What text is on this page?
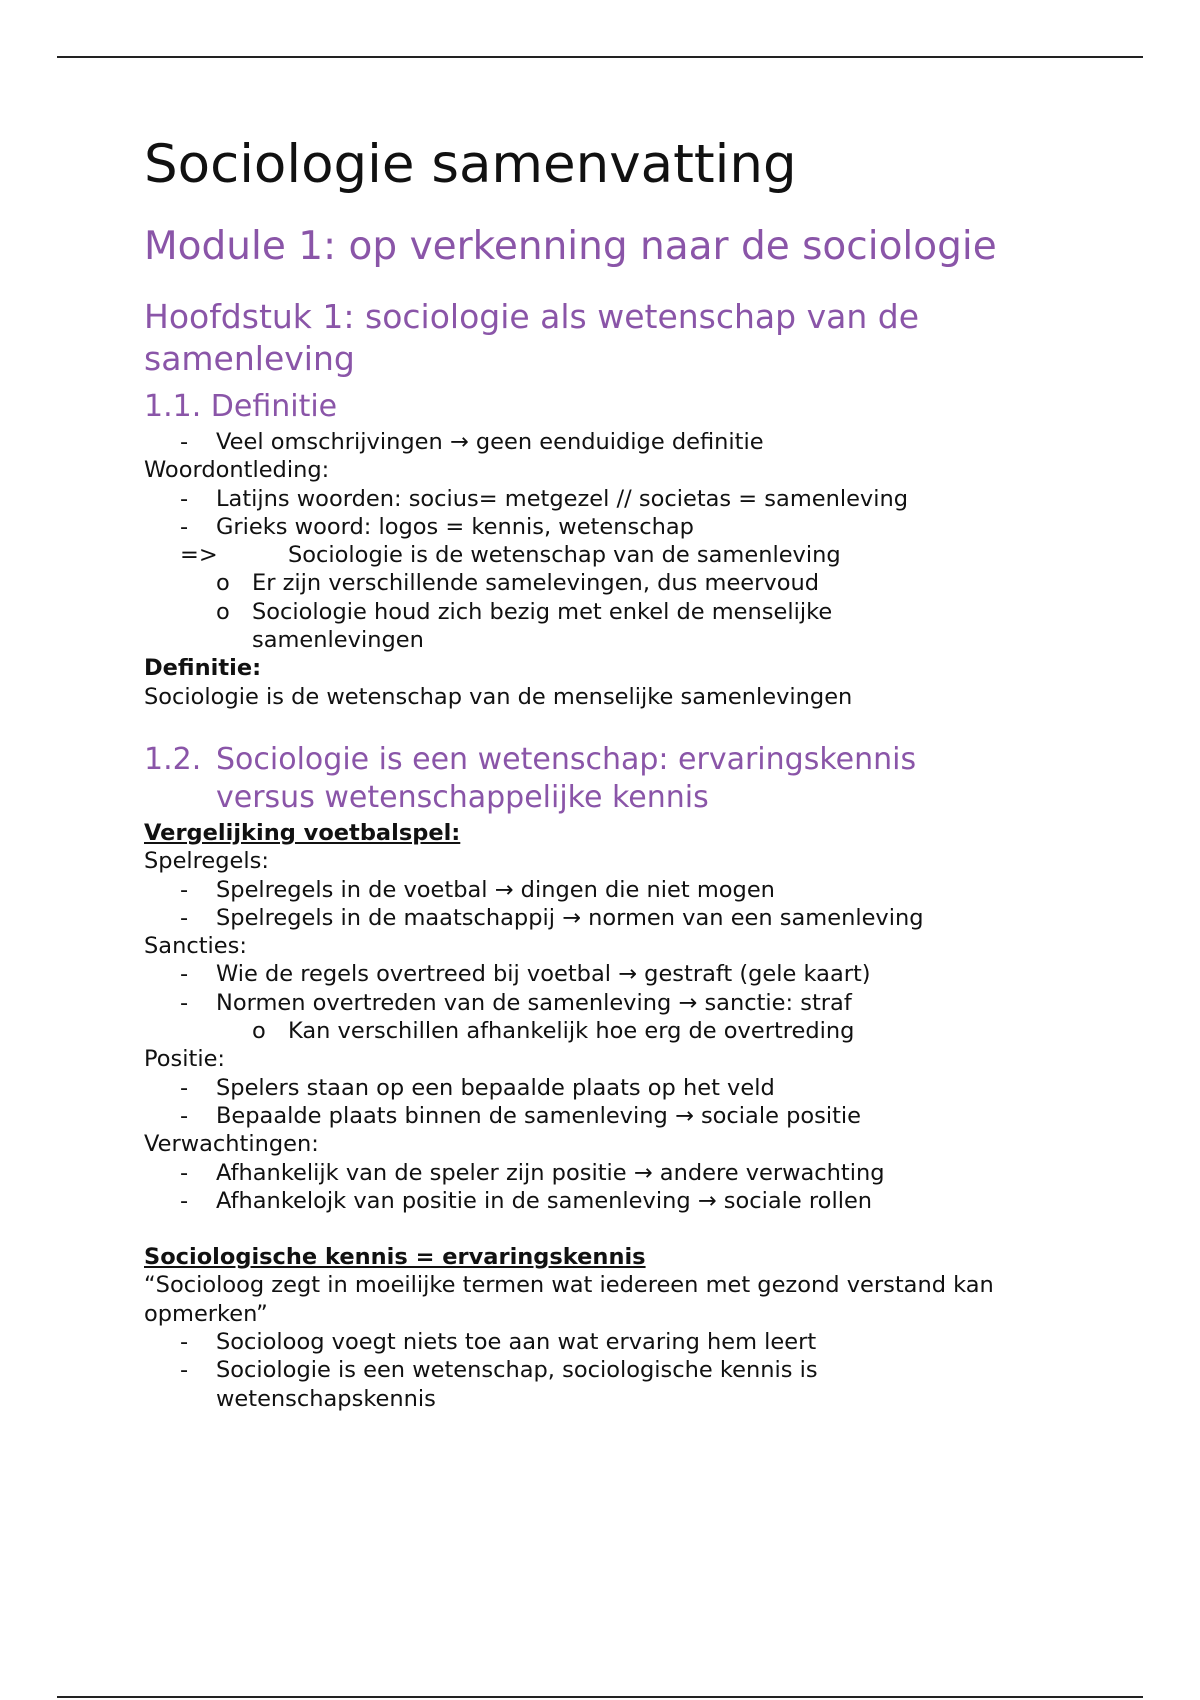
Sociologie samenvatting
Module 1: op verkenning naar de sociologie
Hoofdstuk 1: sociologie als wetenschap van de samenleving
1.1. Definitie
-	Veel omschrijvingen → geen eenduidige definitie
Woordontleding:
-	Latijns woorden: socius= metgezel // societas = samenleving
-	Grieks woord: logos = kennis, wetenschap
=>	Sociologie is de wetenschap van de samenleving
o Er zijn verschillende samelevingen, dus meervoud
o Sociologie houd zich bezig met enkel de menselijke samenlevingen
Definitie:
Sociologie is de wetenschap van de menselijke samenlevingen
1.2. Sociologie is een wetenschap: ervaringskennis versus wetenschappelijke kennis
Vergelijking voetbalspel:
Spelregels:
-	Spelregels in de voetbal → dingen die niet mogen
-	Spelregels in de maatschappij → normen van een samenleving
Sancties:
-	Wie de regels overtreed bij voetbal → gestraft (gele kaart)
-	Normen overtreden van de samenleving → sanctie: straf
o Kan verschillen afhankelijk hoe erg de overtreding
Positie:
-	Spelers staan op een bepaalde plaats op het veld
-	Bepaalde plaats binnen de samenleving → sociale positie
Verwachtingen:
-	Afhankelijk van de speler zijn positie → andere verwachting
-	Afhankelojk van positie in de samenleving → sociale rollen
Sociologische kennis = ervaringskennis
“Socioloog zegt in moeilijke termen wat iedereen met gezond verstand kan opmerken”
-	Socioloog voegt niets toe aan wat ervaring hem leert
-	Sociologie is een wetenschap, sociologische kennis is wetenschapskennis
